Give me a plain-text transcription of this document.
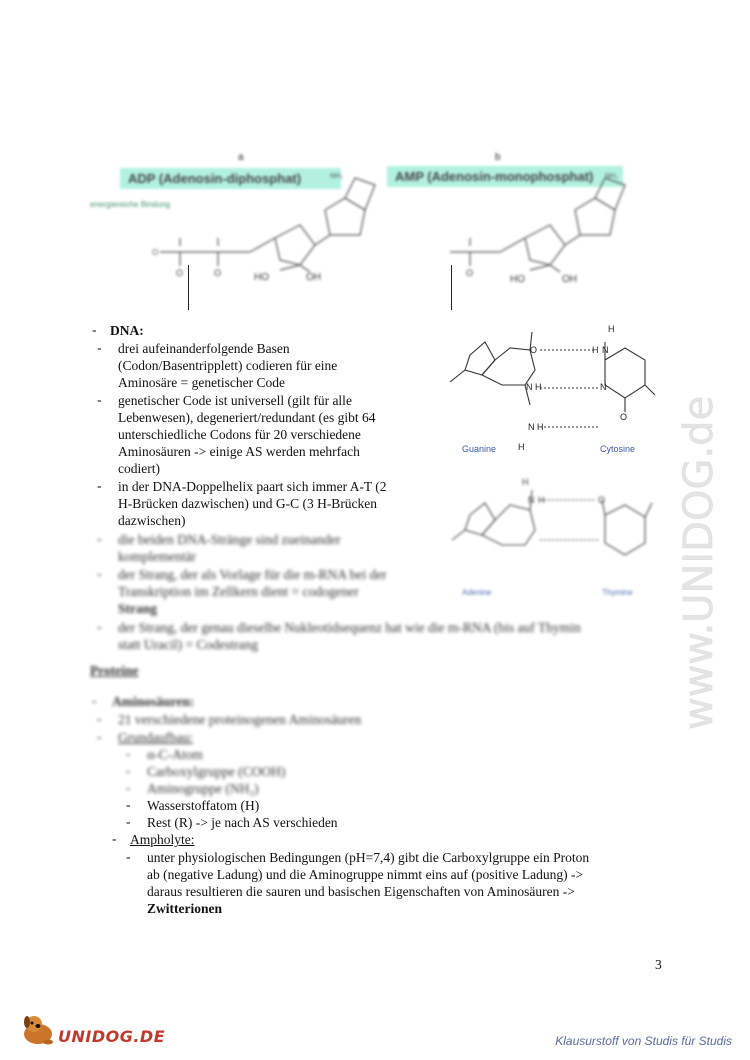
a	b
ADP (Adenosin-diphosphat)	AMP (Adenosin-monophosphat)
energiereiche Bindung
O
O	O	HO	OH
NH₂
O
HO	OH
NH₂
- DNA:
- drei aufeinanderfolgende Basen
(Codon/Basentripplett) codieren für eine
Aminosäre = genetischer Code
- genetischer Code ist universell (gilt für alle
Lebenwesen), degeneriert/redundant (es gibt 64
unterschiedliche Codons für 20 verschiedene
Aminosäuren -> einige AS werden mehrfach
codiert)
- in der DNA-Doppelhelix paart sich immer A-T (2
H-Brücken dazwischen) und G-C (3 H-Brücken
dazwischen)
- die beiden DNA-Stränge sind zueinander
komplementär
- der Strang, der als Vorlage für die m-RNA bei der
Transkription im Zellkern dient = codogener
Strang
- der Strang, der genau dieselbe Nukleotidsequenz hat wie die m-RNA (bis auf Thymin
statt Uracil) = Codestrang
O	H N
H
N H	N
N H
O
H
Guanine	Cytosine
H
N H	O
Adenine	Thymine
Proteine
- Aminosäuren:
- 21 verschiedene proteinogenen Aminosäuren
- Grundaufbau:
- α-C-Atom
- Carboxylgruppe (COOH)
- Aminogruppe (NH₂)
- Wasserstoffatom (H)
- Rest (R) -> je nach AS verschieden
- Ampholyte:
- unter physiologischen Bedingungen (pH=7,4) gibt die Carboxylgruppe ein Proton
ab (negative Ladung) und die Aminogruppe nimmt eins auf (positive Ladung) ->
daraus resultieren die sauren und basischen Eigenschaften von Aminosäuren ->
Zwitterionen
3
www.UNIDOG.de
UNIDOG.DE	Klausurstoff von Studis für Studis
